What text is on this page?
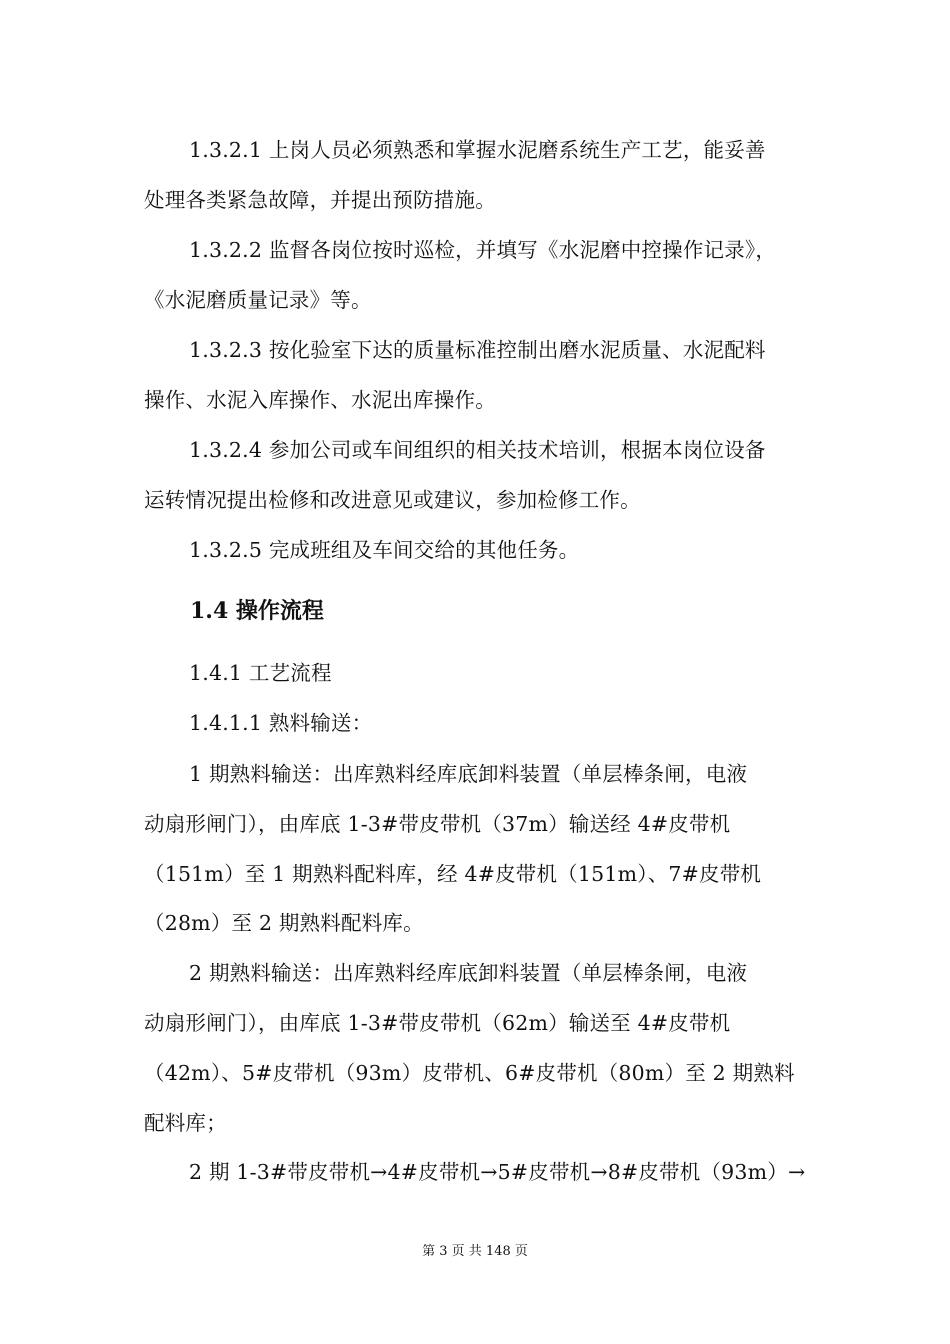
1.3.2.1 上岗人员必须熟悉和掌握水泥磨系统生产工艺，能妥善
处理各类紧急故障，并提出预防措施。
1.3.2.2 监督各岗位按时巡检，并填写《水泥磨中控操作记录》，
《水泥磨质量记录》等。
1.3.2.3 按化验室下达的质量标准控制出磨水泥质量、水泥配料
操作、水泥入库操作、水泥出库操作。
1.3.2.4 参加公司或车间组织的相关技术培训，根据本岗位设备
运转情况提出检修和改进意见或建议，参加检修工作。
1.3.2.5 完成班组及车间交给的其他任务。
1.4 操作流程
1.4.1 工艺流程
1.4.1.1 熟料输送：
1 期熟料输送：出库熟料经库底卸料装置（单层棒条闸，电液
动扇形闸门），由库底 1-3#带皮带机（37m）输送经 4#皮带机
（151m）至 1 期熟料配料库，经 4#皮带机（151m）、7#皮带机
（28m）至 2 期熟料配料库。
2 期熟料输送：出库熟料经库底卸料装置（单层棒条闸，电液
动扇形闸门），由库底 1-3#带皮带机（62m）输送至 4#皮带机
（42m）、5#皮带机（93m）皮带机、6#皮带机（80m）至 2 期熟料
配料库；
2 期 1-3#带皮带机→4#皮带机→5#皮带机→8#皮带机（93m）→
第 3 页 共 148 页
